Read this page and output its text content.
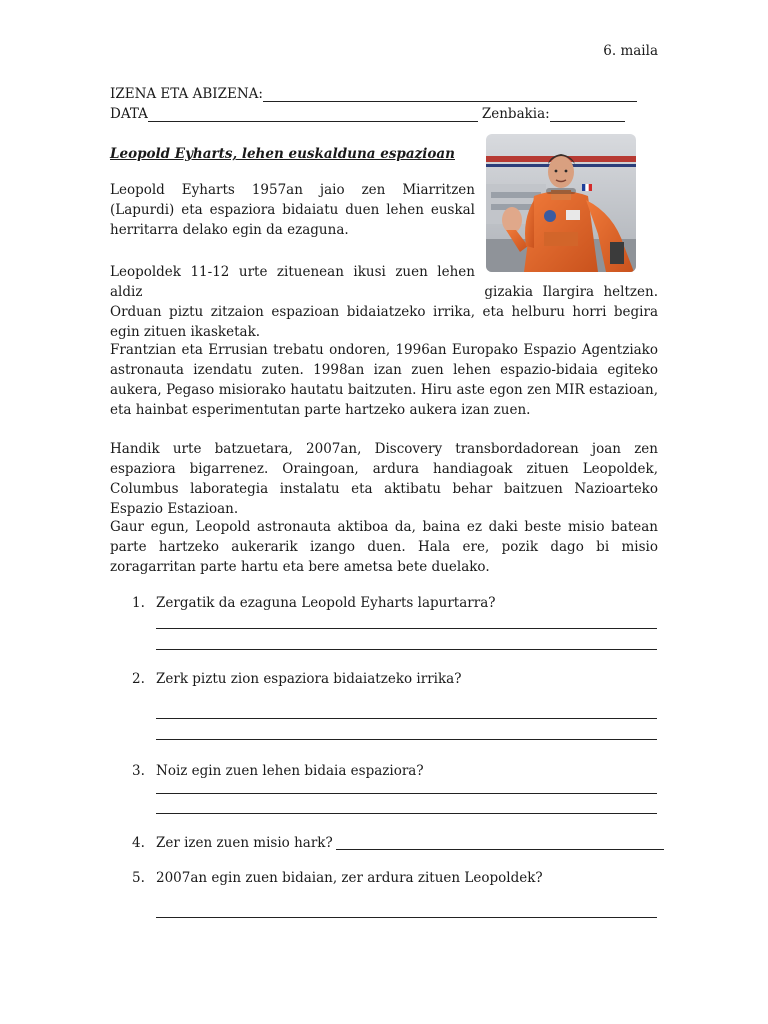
6. maila
IZENA ETA ABIZENA:
DATA	Zenbakia:
Leopold Eyharts, lehen euskalduna espazioan

Leopold Eyharts 1957an jaio zen Miarritzen (Lapurdi) eta espaziora bidaiatu duen lehen euskal herritarra delako egin da ezaguna.

Leopoldek 11-12 urte zituenean ikusi zuen lehen aldiz	gizakia Ilargira heltzen. Orduan piztu zitzaion espazioan bidaiatzeko irrika, eta helburu horri begira egin zituen ikasketak.

Frantzian eta Errusian trebatu ondoren, 1996an Europako Espazio Agentziako astronauta izendatu zuten. 1998an izan zuen lehen espazio-bidaia egiteko aukera, Pegaso misiorako hautatu baitzuten. Hiru aste egon zen MIR estazioan, eta hainbat esperimentutan parte hartzeko aukera izan zuen.

Handik urte batzuetara, 2007an, Discovery transbordadorean joan zen espaziora bigarrenez. Oraingoan, ardura handiagoak zituen Leopoldek, Columbus laborategia instalatu eta aktibatu behar baitzuen Nazioarteko Espazio Estazioan.

Gaur egun, Leopold astronauta aktiboa da, baina ez daki beste misio batean parte hartzeko aukerarik izango duen. Hala ere, pozik dago bi misio zoragarritan parte hartu eta bere ametsa bete duelako.

1. Zergatik da ezaguna Leopold Eyharts lapurtarra?
2. Zerk piztu zion espaziora bidaiatzeko irrika?
3. Noiz egin zuen lehen bidaia espaziora?
4. Zer izen zuen misio hark?
5. 2007an egin zuen bidaian, zer ardura zituen Leopoldek?
